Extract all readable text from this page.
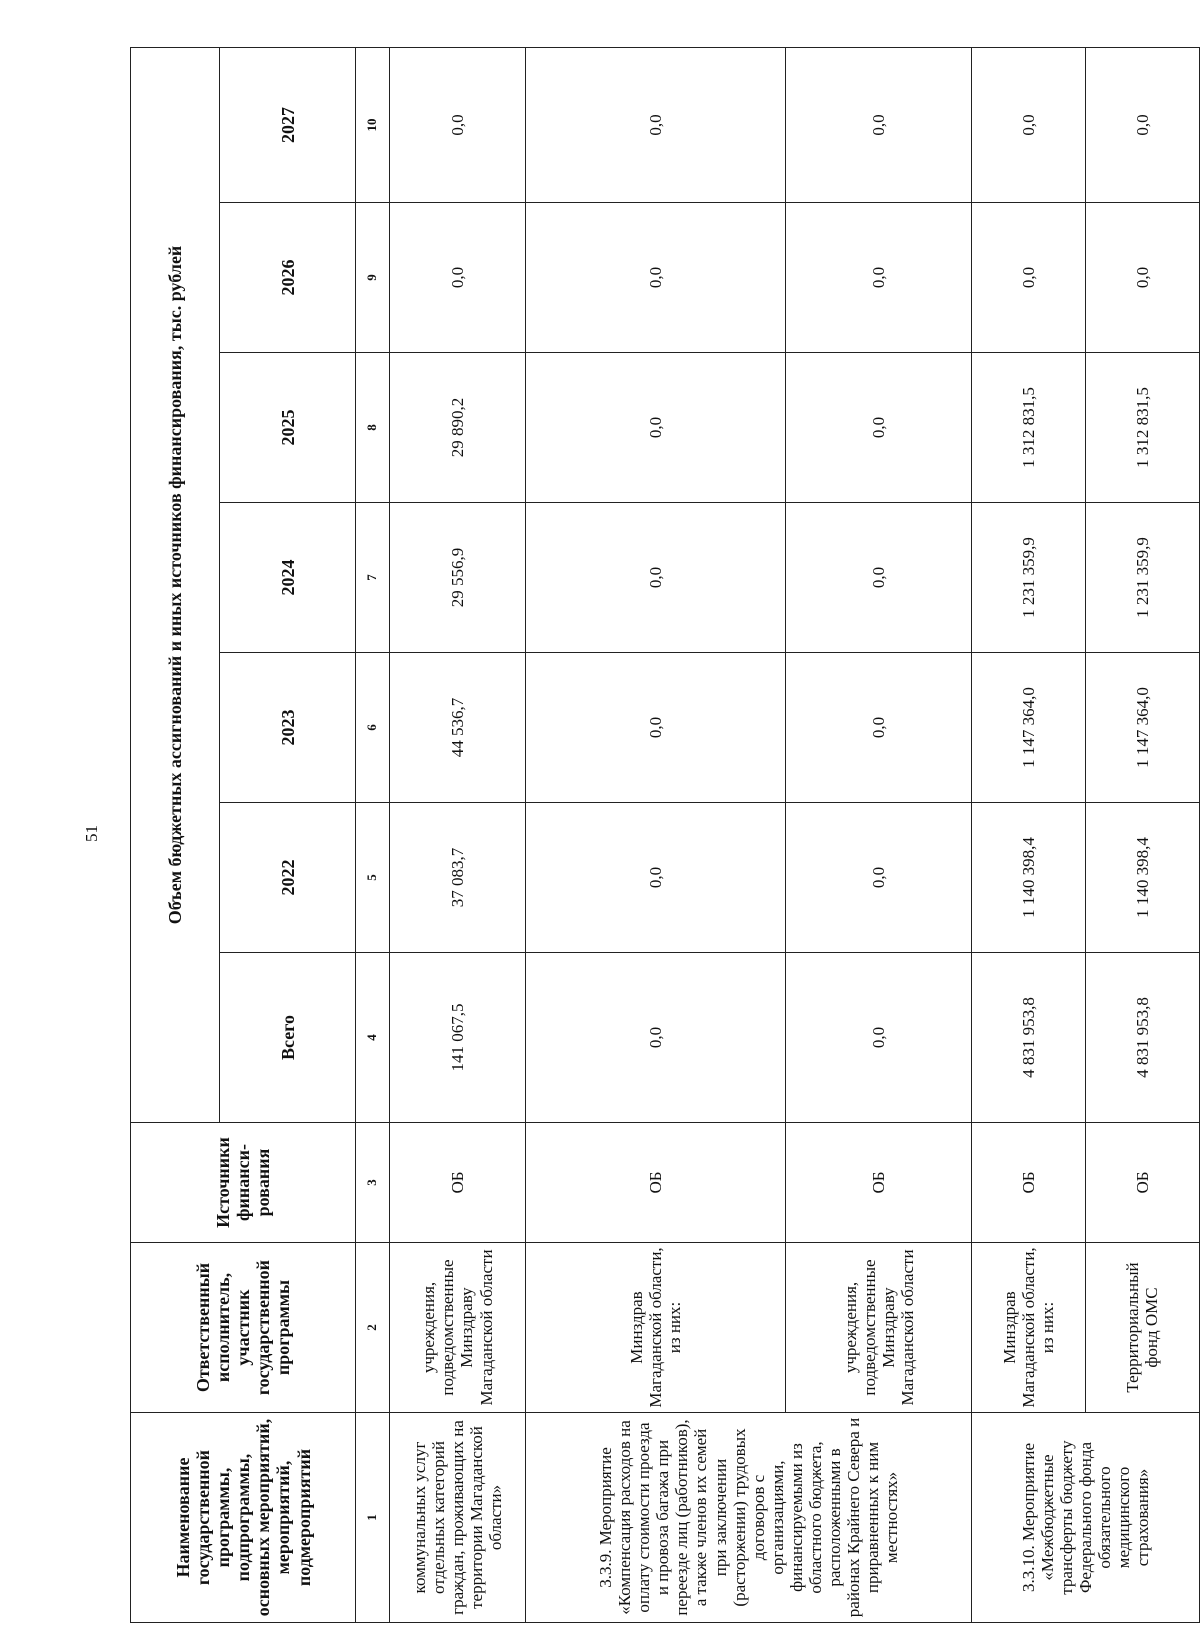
51
Наименование государственной программы, подпрограммы, основных мероприятий, мероприятий, подмероприятий	Ответственный исполнитель, участник государственной программы	Источники финанси-рования	Объем бюджетных ассигнований и иных источников финансирования, тыс. рублей						
			Всего	2022	2023	2024	2025	2026	2027
1	2	3	4	5	6	7	8	9	10
коммунальных услуг отдельных категорий граждан, проживающих на территории Магаданской области»	учреждения, подведомственные Минздраву Магаданской области	ОБ	141 067,5	37 083,7	44 536,7	29 556,9	29 890,2	0,0	0,0
3.3.9. Мероприятие «Компенсация расходов на оплату стоимости проезда и провоза багажа при переезде лиц (работников), а также членов их семей при заключении (расторжении) трудовых договоров с организациями, финансируемыми из областного бюджета, расположенными в районах Крайнего Севера и приравненных к ним местностях»	Минздрав Магаданской области, из них:	ОБ	0,0	0,0	0,0	0,0	0,0	0,0	0,0
	учреждения, подведомственные Минздраву Магаданской области	ОБ	0,0	0,0	0,0	0,0	0,0	0,0	0,0
3.3.10. Мероприятие «Межбюджетные трансферты бюджету Федерального фонда обязательного медицинского страхования»	Минздрав Магаданской области, из них:	ОБ	4 831 953,8	1 140 398,4	1 147 364,0	1 231 359,9	1 312 831,5	0,0	0,0
	Территориальный фонд ОМС	ОБ	4 831 953,8	1 140 398,4	1 147 364,0	1 231 359,9	1 312 831,5	0,0	0,0
